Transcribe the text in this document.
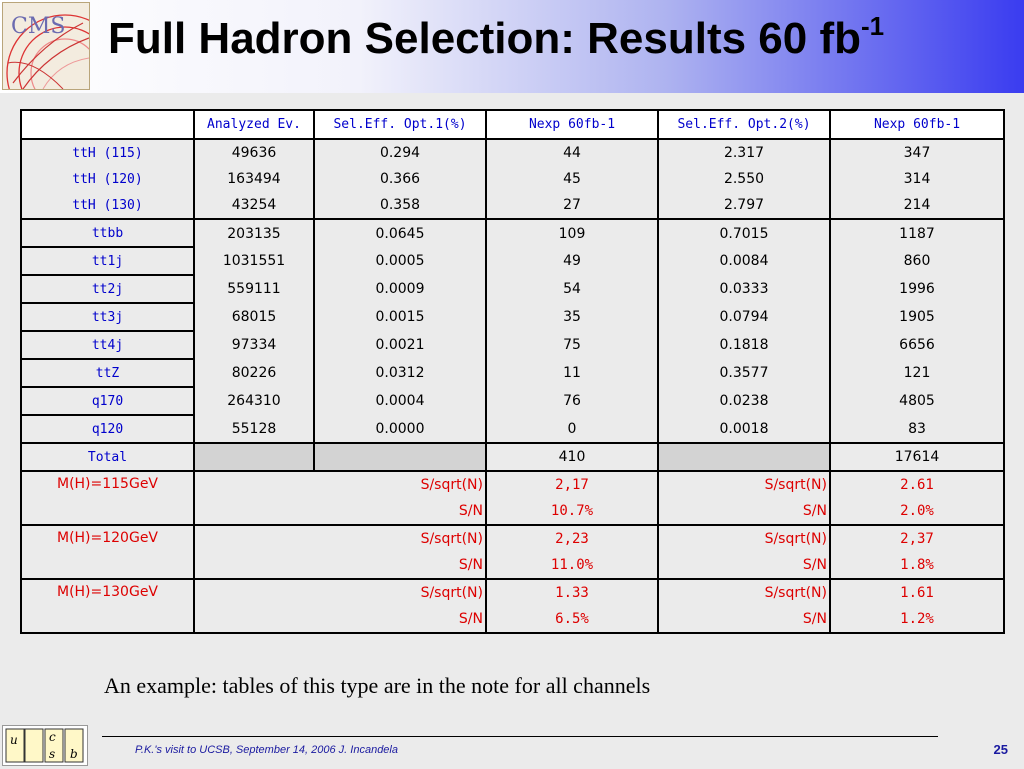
CMS Full Hadron Selection: Results 60 $fb^{-1}$
	Analyzed Ev.	Sel.Eff. Opt.1(%)	Nexp 60fb-1	Sel.Eff. Opt.2(%)	Nexp 60fb-1
ttH (115)	49636	0.294	44	2.317	347
ttH (120)	163494	0.366	45	2.550	314
ttH (130)	43254	0.358	27	2.797	214
ttbb	203135	0.0645	109	0.7015	1187
tt1j	1031551	0.0005	49	0.0084	860
tt2j	559111	0.0009	54	0.0333	1996
tt3j	68015	0.0015	35	0.0794	1905
tt4j	97334	0.0021	75	0.1818	6656
ttZ	80226	0.0312	11	0.3577	121
q170	264310	0.0004	76	0.0238	4805
q120	55128	0.0000	0	0.0018	83
Total			410		17614
M(H)=115GeV	S/sqrt(N)		2,17	S/sqrt(N)	2.61
	S/N		10.7%	S/N	2.0%
M(H)=120GeV	S/sqrt(N)		2,23	S/sqrt(N)	2,37
	S/N		11.0%	S/N	1.8%
M(H)=130GeV	S/sqrt(N)		1.33	S/sqrt(N)	1.61
	S/N		6.5%	S/N	1.2%
An example: tables of this type are in the note for all channels
u	c
s b	P.K.'s visit to UCSB, September 14, 2006 J. Incandela	25
